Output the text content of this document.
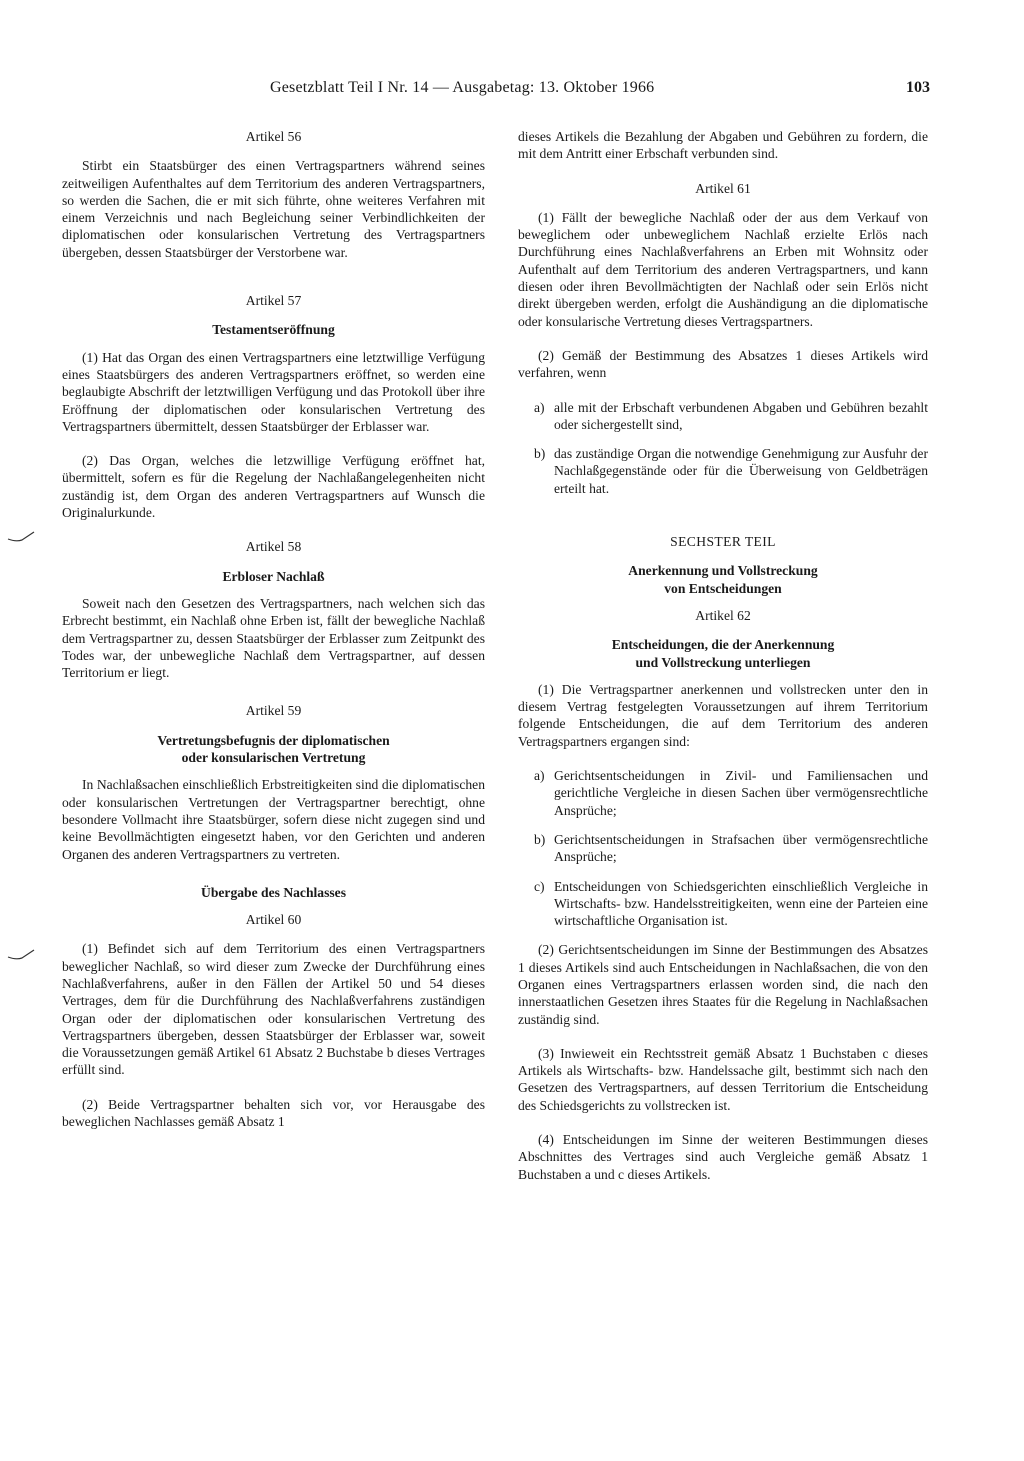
Gesetzblatt Teil I Nr. 14 — Ausgabetag: 13. Oktober 1966	103
Artikel 56

Stirbt ein Staatsbürger des einen Vertragspartners während seines zeitweiligen Aufenthaltes auf dem Territorium des anderen Vertragspartners, so werden die Sachen, die er mit sich führte, ohne weiteres Verfahren mit einem Verzeichnis und nach Begleichung seiner Verbindlichkeiten der diplomatischen oder konsularischen Vertretung des Vertragspartners übergeben, dessen Staatsbürger der Verstorbene war.

Artikel 57
Testamentseröffnung

(1) Hat das Organ des einen Vertragspartners eine letztwillige Verfügung eines Staatsbürgers des anderen Vertragspartners eröffnet, so werden eine beglaubigte Abschrift der letztwilligen Verfügung und das Protokoll über ihre Eröffnung der diplomatischen oder konsularischen Vertretung des Vertragspartners übermittelt, dessen Staatsbürger der Erblasser war.

(2) Das Organ, welches die letzwillige Verfügung eröffnet hat, übermittelt, sofern es für die Regelung der Nachlaßangelegenheiten nicht zuständig ist, dem Organ des anderen Vertragspartners auf Wunsch die Originalurkunde.

Artikel 58
Erbloser Nachlaß

Soweit nach den Gesetzen des Vertragspartners, nach welchen sich das Erbrecht bestimmt, ein Nachlaß ohne Erben ist, fällt der bewegliche Nachlaß dem Vertragspartner zu, dessen Staatsbürger der Erblasser zum Zeitpunkt des Todes war, der unbewegliche Nachlaß dem Vertragspartner, auf dessen Territorium er liegt.

Artikel 59
Vertretungsbefugnis der diplomatischen
oder konsularischen Vertretung

In Nachlaßsachen einschließlich Erbstreitigkeiten sind die diplomatischen oder konsularischen Vertretungen der Vertragspartner berechtigt, ohne besondere Vollmacht ihre Staatsbürger, sofern diese nicht zugegen sind und keine Bevollmächtigten eingesetzt haben, vor den Gerichten und anderen Organen des anderen Vertragspartners zu vertreten.

Übergabe des Nachlasses
Artikel 60

(1) Befindet sich auf dem Territorium des einen Vertragspartners beweglicher Nachlaß, so wird dieser zum Zwecke der Durchführung eines Nachlaßverfahrens, außer in den Fällen der Artikel 50 und 54 dieses Vertrages, dem für die Durchführung des Nachlaßverfahrens zuständigen Organ oder der diplomatischen oder konsularischen Vertretung des Vertragspartners übergeben, dessen Staatsbürger der Erblasser war, soweit die Voraussetzungen gemäß Artikel 61 Absatz 2 Buchstabe b dieses Vertrages erfüllt sind.

(2) Beide Vertragspartner behalten sich vor, vor Herausgabe des beweglichen Nachlasses gemäß Absatz 1

dieses Artikels die Bezahlung der Abgaben und Gebühren zu fordern, die mit dem Antritt einer Erbschaft verbunden sind.

Artikel 61

(1) Fällt der bewegliche Nachlaß oder der aus dem Verkauf von beweglichem oder unbeweglichem Nachlaß erzielte Erlös nach Durchführung eines Nachlaßverfahrens an Erben mit Wohnsitz oder Aufenthalt auf dem Territorium des anderen Vertragspartners, und kann diesen oder ihren Bevollmächtigten der Nachlaß oder sein Erlös nicht direkt übergeben werden, erfolgt die Aushändigung an die diplomatische oder konsularische Vertretung dieses Vertragspartners.

(2) Gemäß der Bestimmung des Absatzes 1 dieses Artikels wird verfahren, wenn

a) alle mit der Erbschaft verbundenen Abgaben und Gebühren bezahlt oder sichergestellt sind,
b) das zuständige Organ die notwendige Genehmigung zur Ausfuhr der Nachlaßgegenstände oder für die Überweisung von Geldbeträgen erteilt hat.
SECHSTER TEIL
Anerkennung und Vollstreckung
von Entscheidungen
Artikel 62
Entscheidungen, die der Anerkennung
und Vollstreckung unterliegen

(1) Die Vertragspartner anerkennen und vollstrecken unter den in diesem Vertrag festgelegten Voraussetzungen auf ihrem Territorium folgende Entscheidungen, die auf dem Territorium des anderen Vertragspartners ergangen sind:

a) Gerichtsentscheidungen in Zivil- und Familiensachen und gerichtliche Vergleiche in diesen Sachen über vermögensrechtliche Ansprüche;
b) Gerichtsentscheidungen in Strafsachen über vermögensrechtliche Ansprüche;
c) Entscheidungen von Schiedsgerichten einschließlich Vergleiche in Wirtschafts- bzw. Handelsstreitigkeiten, wenn eine der Parteien eine wirtschaftliche Organisation ist.

(2) Gerichtsentscheidungen im Sinne der Bestimmungen des Absatzes 1 dieses Artikels sind auch Entscheidungen in Nachlaßsachen, die von den Organen eines Vertragspartners erlassen worden sind, die nach den innerstaatlichen Gesetzen ihres Staates für die Regelung in Nachlaßsachen zuständig sind.

(3) Inwieweit ein Rechtsstreit gemäß Absatz 1 Buchstaben c dieses Artikels als Wirtschafts- bzw. Handelssache gilt, bestimmt sich nach den Gesetzen des Vertragspartners, auf dessen Territorium die Entscheidung des Schiedsgerichts zu vollstrecken ist.

(4) Entscheidungen im Sinne der weiteren Bestimmungen dieses Abschnittes des Vertrages sind auch Vergleiche gemäß Absatz 1 Buchstaben a und c dieses Artikels.
